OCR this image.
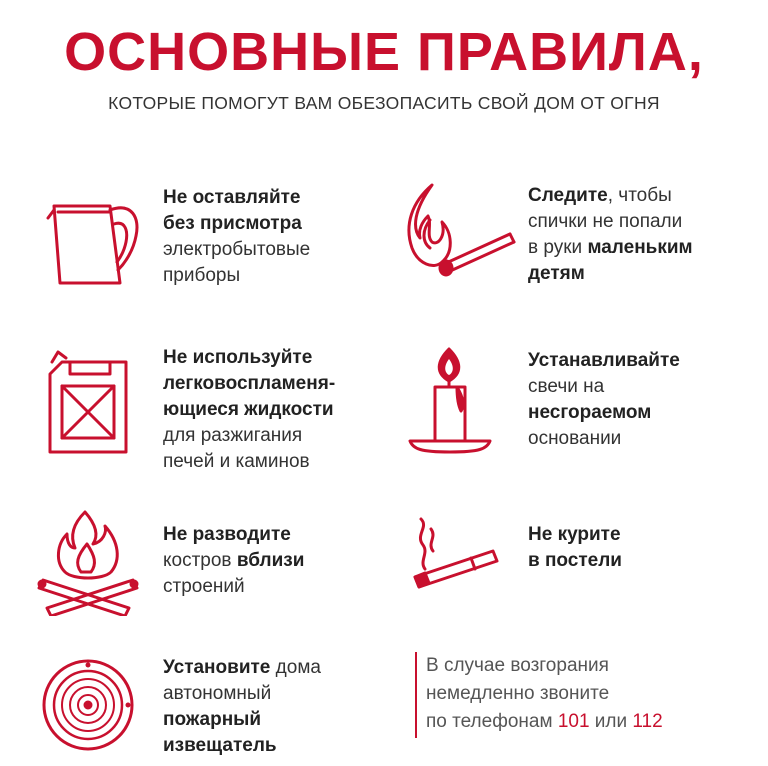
ОСНОВНЫЕ ПРАВИЛА,
КОТОРЫЕ ПОМОГУТ ВАМ ОБЕЗОПАСИТЬ СВОЙ ДОМ ОТ ОГНЯ
Не оставляйте
без присмотра
электробытовые
приборы
Следите, чтобы
спички не попали
в руки маленьким
детям
Не используйте
легковоспламеня-
ющиеся жидкости
для разжигания
печей и каминов
Устанавливайте
свечи на
несгораемом
основании
Не разводите
костров вблизи
строений
Не курите
в постели
Установите дома
автономный
пожарный
извещатель
В случае возгорания
немедленно звоните
по телефонам 101 или 112
